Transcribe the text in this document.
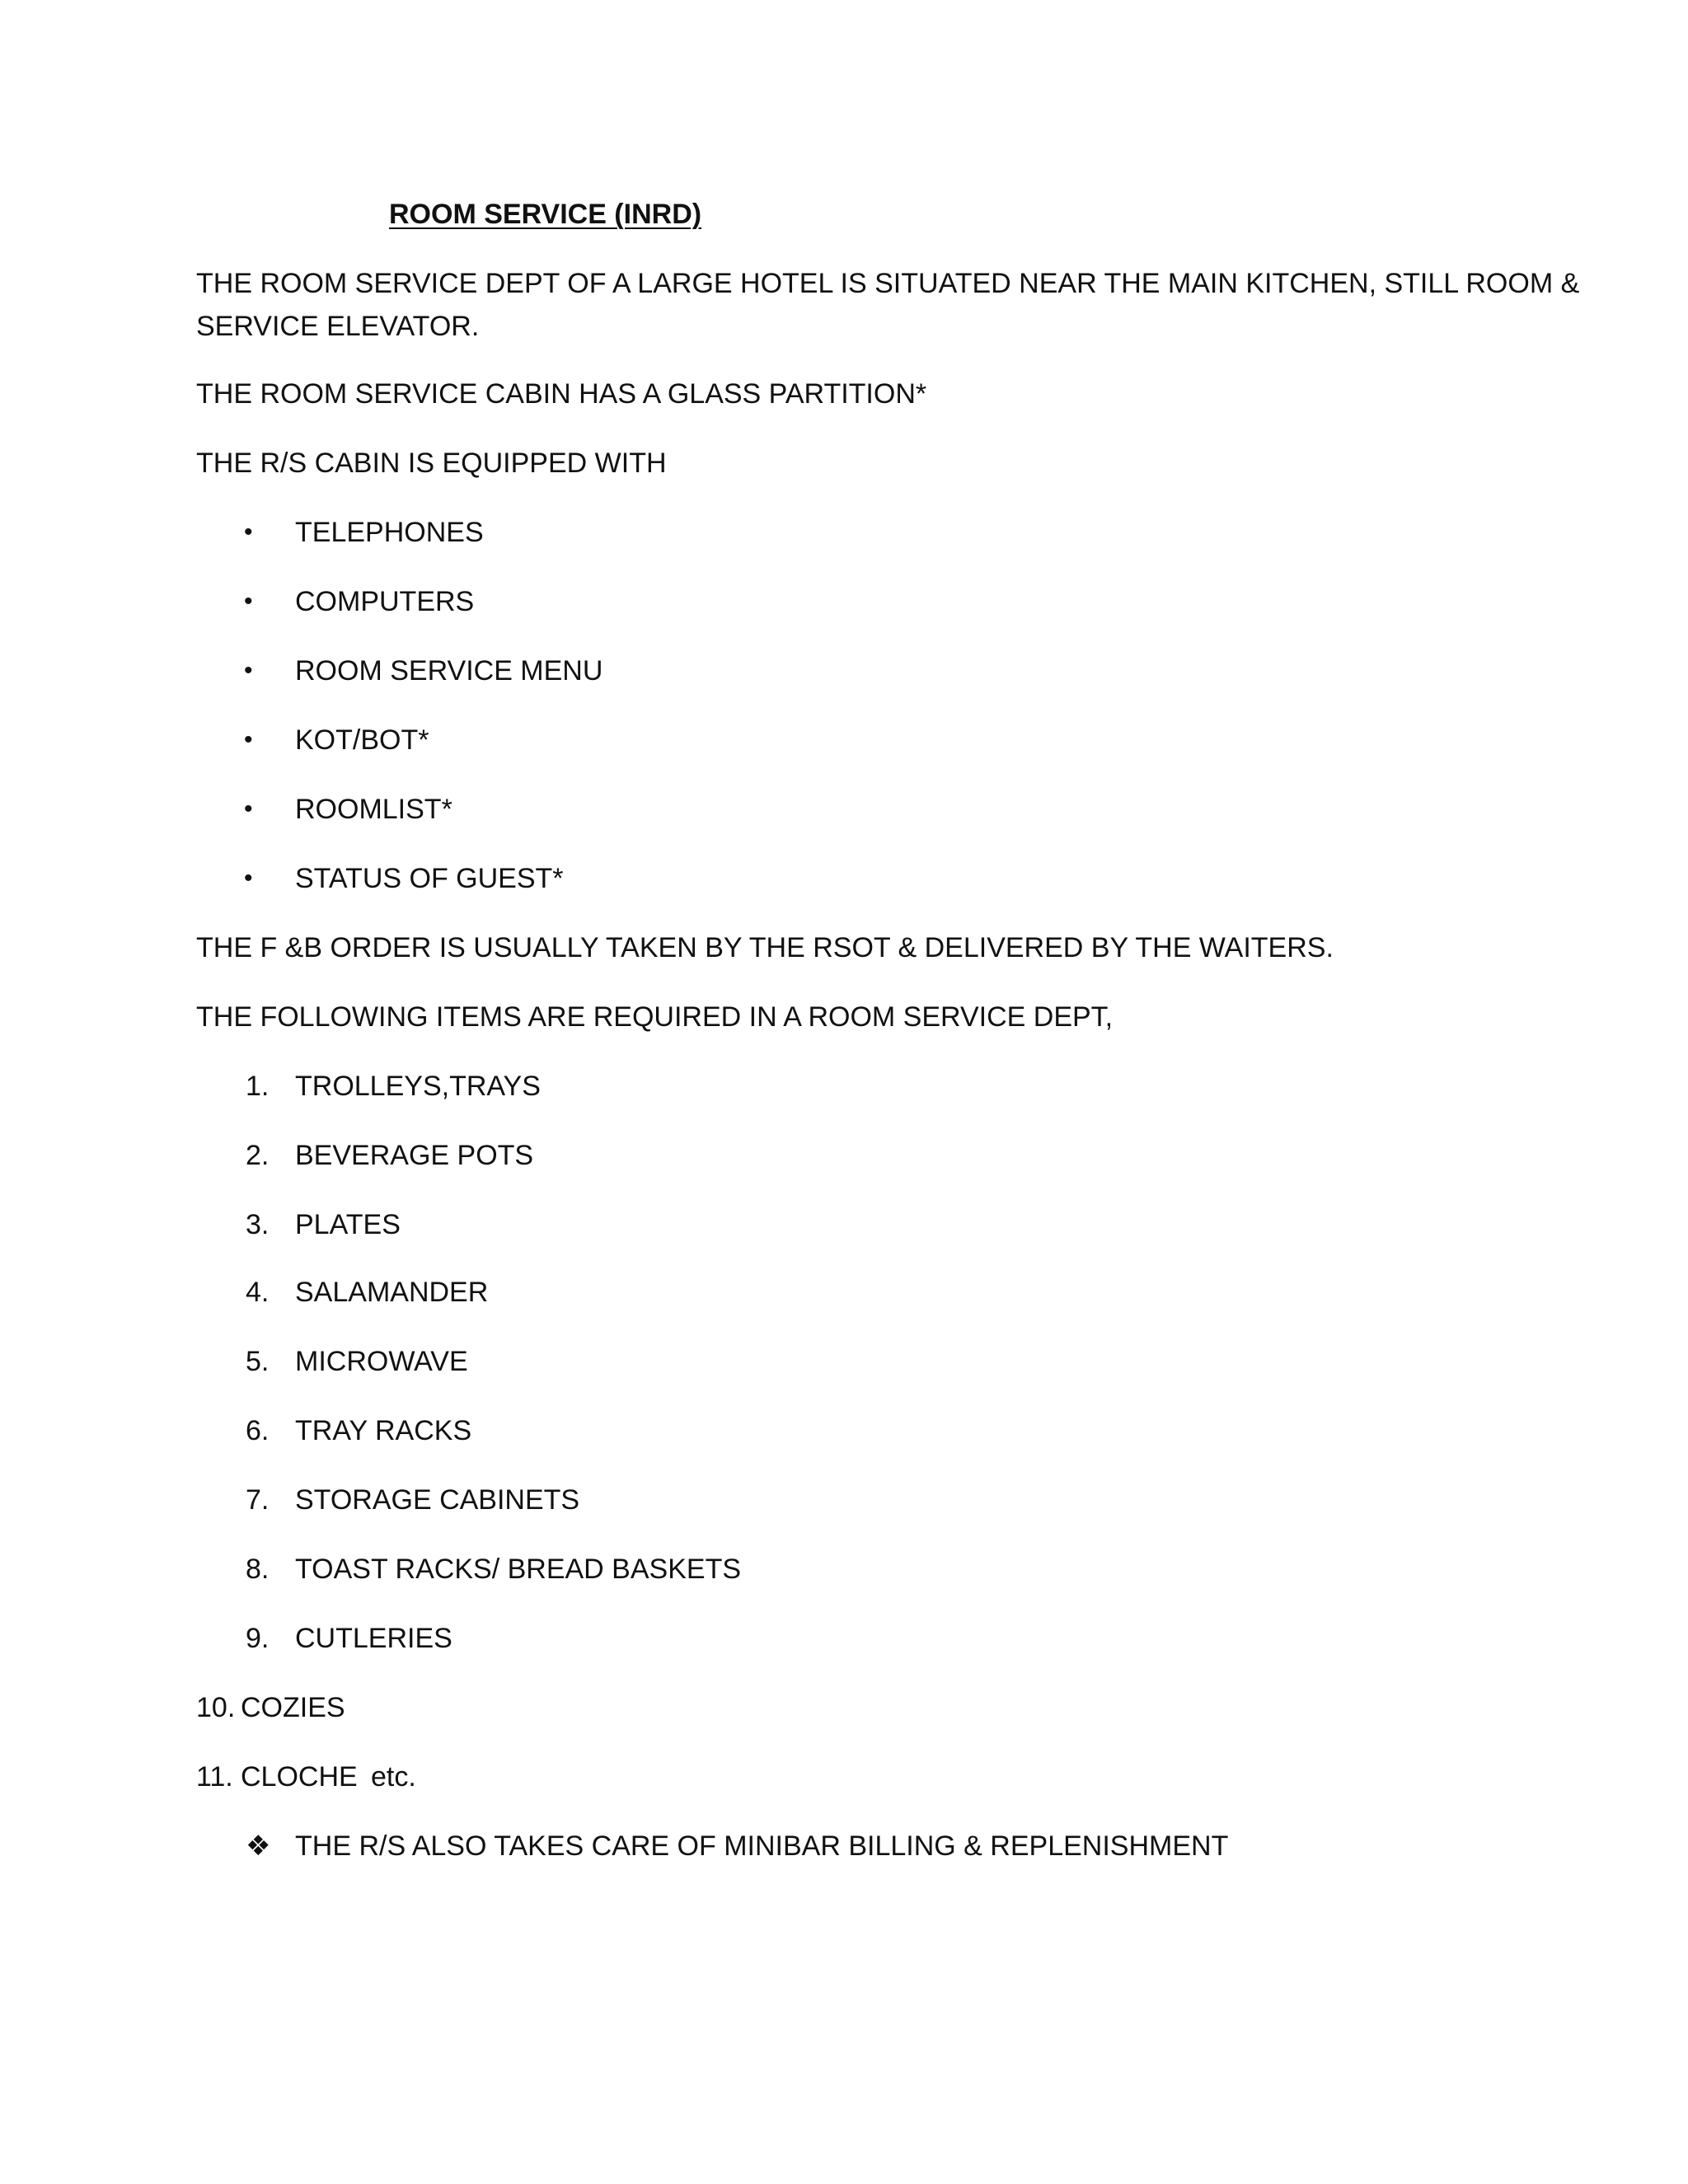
ROOM SERVICE (INRD)
THE ROOM SERVICE DEPT OF A LARGE HOTEL IS SITUATED NEAR THE MAIN KITCHEN, STILL ROOM &
SERVICE ELEVATOR.
THE ROOM SERVICE CABIN HAS A GLASS PARTITION*
THE R/S CABIN IS EQUIPPED WITH
• TELEPHONES
• COMPUTERS
• ROOM SERVICE MENU
• KOT/BOT*
• ROOMLIST*
• STATUS OF GUEST*
THE F &B ORDER IS USUALLY TAKEN BY THE RSOT & DELIVERED BY THE WAITERS.
THE FOLLOWING ITEMS ARE REQUIRED IN A ROOM SERVICE DEPT,
1. TROLLEYS,TRAYS
2. BEVERAGE POTS
3. PLATES
4. SALAMANDER
5. MICROWAVE
6. TRAY RACKS
7. STORAGE CABINETS
8. TOAST RACKS/ BREAD BASKETS
9. CUTLERIES
10. COZIES
11. CLOCHE etc.
❖ THE R/S ALSO TAKES CARE OF MINIBAR BILLING & REPLENISHMENT
